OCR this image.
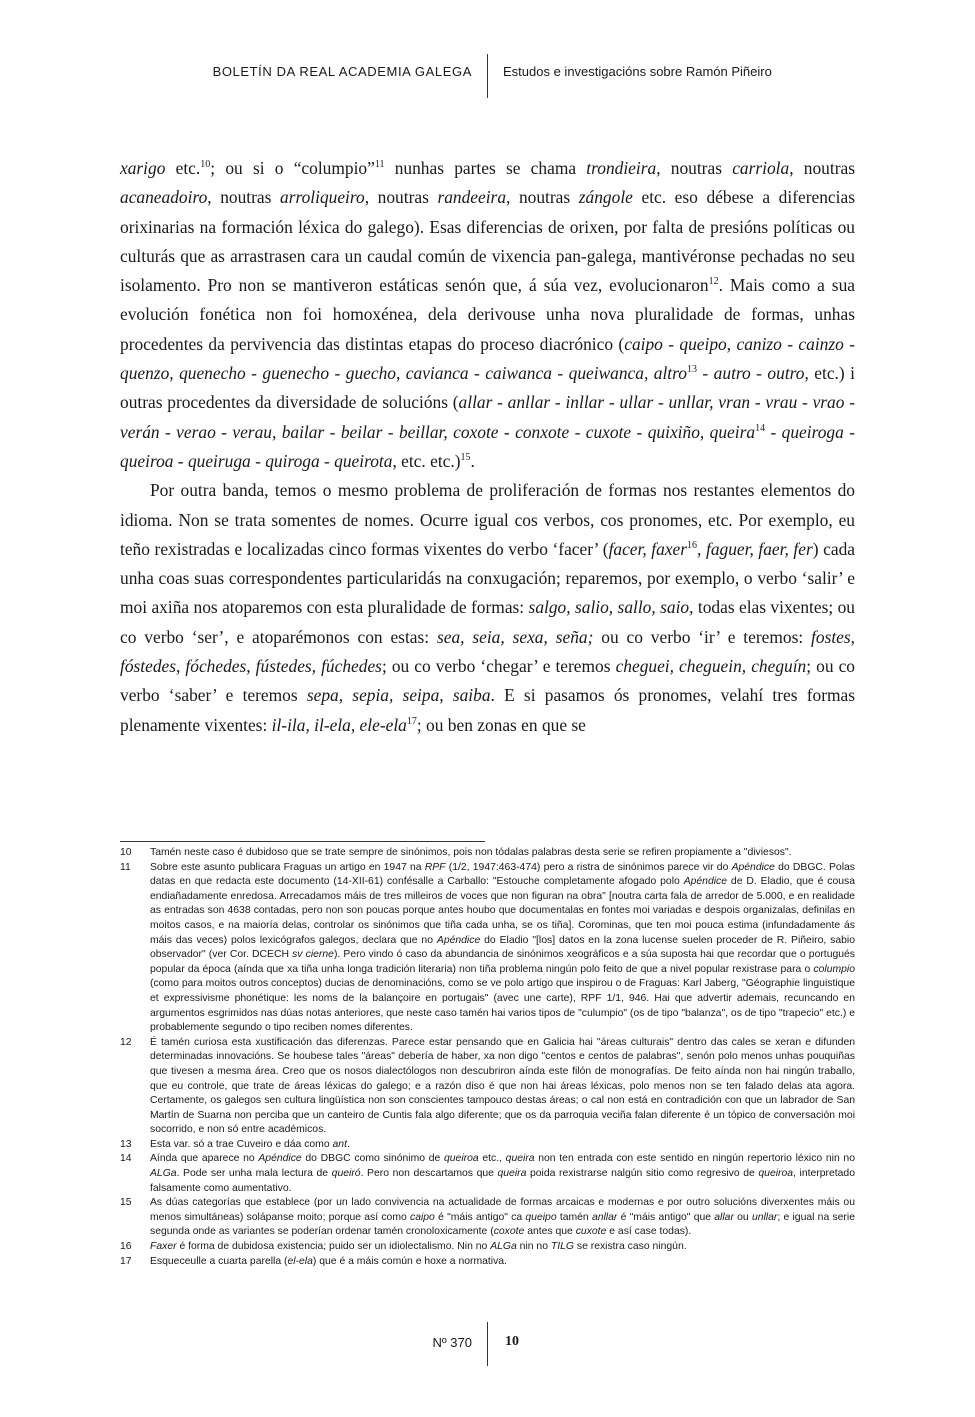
BOLETÍN DA REAL ACADEMIA GALEGA Estudos e investigacións sobre Ramón Piñeiro

xarigo etc.$^{10}$; ou si o “columpio”$^{11}$ nunhas partes se chama trondieira, noutras carriola, noutras acaneadoiro, noutras arroliqueiro, noutras randeeira, noutras zángole etc. eso débese a diferencias orixinarias na formación léxica do galego). Esas diferencias de orixen, por falta de presións políticas ou culturás que as arrastrasen cara un caudal común de vixencia pan-galega, mantivéronse pechadas no seu isolamento. Pro non se mantiveron estáticas senón que, á súa vez, evolucionaron$^{12}$. Mais como a sua evolución fonética non foi homoxénea, dela derivouse unha nova pluralidade de formas, unhas procedentes da pervivencia das distintas etapas do proceso diacrónico (caipo - queipo, canizo - cainzo - quenzo, quenecho - guenecho - guecho, cavianca - caiwanca - queiwanca, altro$^{13}$ - autro - outro, etc.) i outras procedentes da diversidade de solucións (allar - anllar - inllar - ullar - unllar, vran - vrau - vrao - verán - verao - verau, bailar - beilar - beillar, coxote - conxote - cuxote - quixiño, queira$^{14}$ - queiroga - queiroa - queiruga - quiroga - queirota, etc. etc.)$^{15}$.

Por outra banda, temos o mesmo problema de proliferación de formas nos restantes elementos do idioma. Non se trata somentes de nomes. Ocurre igual cos verbos, cos pronomes, etc. Por exemplo, eu teño rexistradas e localizadas cinco formas vixentes do verbo ‘facer’ (facer, faxer$^{16}$, faguer, faer, fer) cada unha coas suas correspondentes particularidás na conxugación; reparemos, por exemplo, o verbo ‘salir’ e moi axiña nos atoparemos con esta pluralidade de formas: salgo, salio, sallo, saio, todas elas vixentes; ou co verbo ‘ser’, e atoparémonos con estas: sea, seia, sexa, seña; ou co verbo ‘ir’ e teremos: fostes, fóstedes, fóchedes, fústedes, fúchedes; ou co verbo ‘chegar’ e teremos cheguei, cheguein, cheguín; ou co verbo ‘saber’ e teremos sepa, sepia, seipa, saiba. E si pasamos ós pronomes, velahí tres formas plenamente vixentes: il-ila, il-ela, ele-ela$^{17}$; ou ben zonas en que se

10	Tamén neste caso é dubidoso que se trate sempre de sinónimos, pois non tódalas palabras desta serie se refiren propiamente a "diviesos".
11	Sobre este asunto publicara Fraguas un artigo en 1947 na RPF (1/2, 1947:463-474) pero a ristra de sinónimos parece vir do Apéndice do DBGC. Polas datas en que redacta este documento (14-XII-61) confésalle a Carballo: "Estouche completamente afogado polo Apéndice de D. Eladio, que é cousa endiañadamente enredosa. Arrecadamos máis de tres milleiros de voces que non figuran na obra" [noutra carta fala de arredor de 5.000, e en realidade as entradas son 4638 contadas, pero non son poucas porque antes houbo que documentalas en fontes moi variadas e despois organizalas, definilas en moitos casos, e na maioría delas, controlar os sinónimos que tiña cada unha, se os tiña]. Corominas, que ten moi pouca estima (infundadamente ás máis das veces) polos lexicógrafos galegos, declara que no Apéndice do Eladio "[los] datos en la zona lucense suelen proceder de R. Piñeiro, sabio observador" (ver Cor. DCECH sv cierne). Pero vindo ó caso da abundancia de sinónimos xeográficos e a súa suposta hai que recordar que o portugués popular da época (aínda que xa tiña unha longa tradición literaria) non tiña problema ningún polo feito de que a nivel popular rexistrase para o columpio (como para moitos outros conceptos) ducias de denominacións, como se ve polo artigo que inspirou o de Fraguas: Karl Jaberg, "Géographie linguistique et expressivisme phonétique: les noms de la balançoire en portugais" (avec une carte), RPF 1/1, 946. Hai que advertir ademais, recuncando en argumentos esgrimidos nas dúas notas anteriores, que neste caso tamén hai varios tipos de "culumpio" (os de tipo "balanza", os de tipo "trapecio" etc.) e probablemente segundo o tipo reciben nomes diferentes.
12	É tamén curiosa esta xustificación das diferenzas. Parece estar pensando que en Galicia hai "áreas culturais" dentro das cales se xeran e difunden determinadas innovacións. Se houbese tales "áreas" debería de haber, xa non digo "centos e centos de palabras", senón polo menos unhas pouquiñas que tivesen a mesma área. Creo que os nosos dialectólogos non descubriron aínda este filón de monografías. De feito aínda non hai ningún traballo, que eu controle, que trate de áreas léxicas do galego; e a razón diso é que non hai áreas léxicas, polo menos non se ten falado delas ata agora. Certamente, os galegos sen cultura lingüística non son conscientes tampouco destas áreas; o cal non está en contradición con que un labrador de San Martín de Suarna non perciba que un canteiro de Cuntis fala algo diferente; que os da parroquia veciña falan diferente é un tópico de conversación moi socorrido, e non só entre académicos.
13	Esta var. só a trae Cuveiro e dáa como ant.
14	Aínda que aparece no Apéndice do DBGC como sinónimo de queiroa etc., queira non ten entrada con este sentido en ningún repertorio léxico nin no ALGa. Pode ser unha mala lectura de queiró. Pero non descartamos que queira poida rexistrarse nalgún sitio como regresivo de queiroa, interpretado falsamente como aumentativo.
15	As dúas categorías que establece (por un lado convivencia na actualidade de formas arcaicas e modernas e por outro solucións diverxentes máis ou menos simultáneas) solápanse moito; porque así como caipo é "máis antigo" ca queipo tamén anllar é "máis antigo" que allar ou unllar; e igual na serie segunda onde as variantes se poderían ordenar tamén cronoloxicamente (coxote antes que cuxote e así case todas).
16	Faxer é forma de dubidosa existencia; puido ser un idiolectalismo. Nin no ALGa nin no TILG se rexistra caso ningún.
17	Esqueceulle a cuarta parella (el-ela) que é a máis común e hoxe a normativa.
Nº 370 10
